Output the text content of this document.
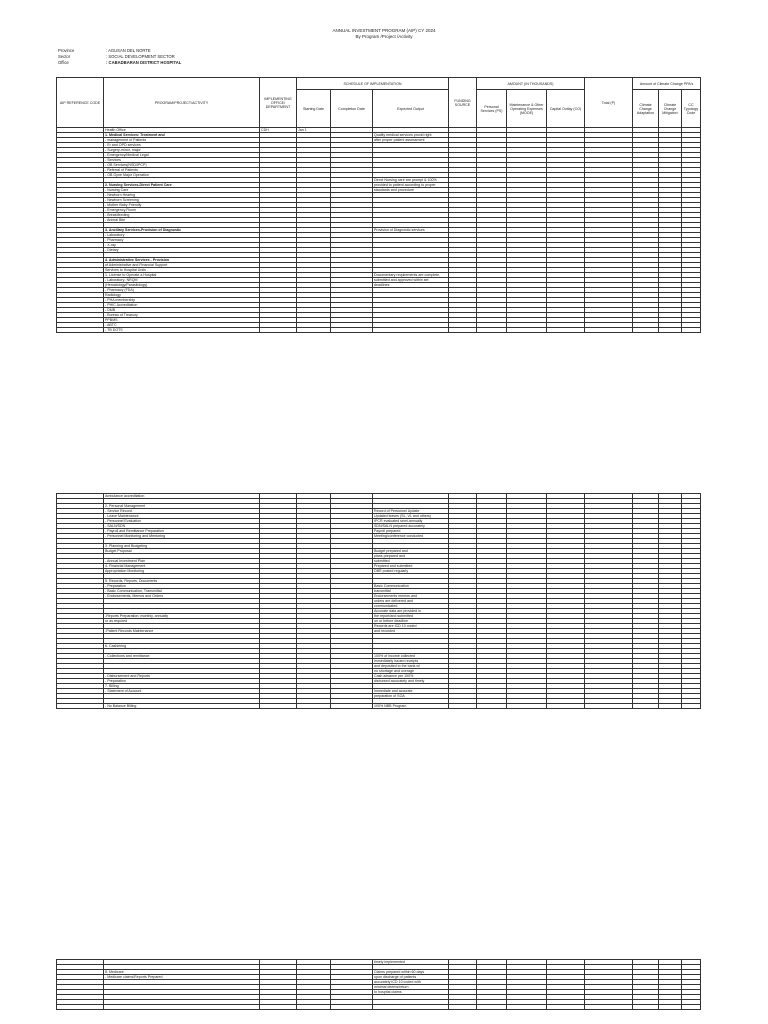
ANNUAL INVESTMENT PROGRAM (AIP) CY 2024
By Program /Project /Activity
Province	: AGUSAN DEL NORTE
Sector	: SOCIAL DEVELOPMENT SECTOR
Office	: CABADBARAN DISTRICT HOSPITAL
AIP REFERENCE CODE	PROGRAM/PROJECT/ACTIVITY	IMPLEMENTING OFFICE/ DEPARTMENT	SCHEDULE OF IMPLEMENTATION			FUNDING SOURCE	AMOUNT (IN THOUSANDS)			Total (P)	Amount of Climate Change PPA's		
			Starting Date	Completion Date	Expected Output		Personal Services (PS)	Maintenance & Other Operating Expenses (MOOE)	Capital Outlay (CO)		Climate Change Adaptation	Climate Change Mitigation	CC Typology Code
	Health Office	CDH	Jan 1										
	1. Medical Services: Treatment and				Quality medical services provid right								
	- management of Patients				after proper patient assessment								
	- Er and OPD services												
	- Surgery-minor, major												
	- Emergency/Medical Legal												
	- Services												
	- OB Services(NSD/IPCP)												
	- Referral of Patients												
	- OB Gyne Major Operation												
					Direct Nursing care are prompt & 100%								
	2. Nursing Services-Direct Patient Care				provided to patient according to proper								
	- Nursing Care				standards and procedure								
	- Newborn Hearing												
	- Newborn Screening												
	- Mother Baby Friendly												
	- Emergency Room												
	- Breastfeeding												
	- Animal Bite												

	3. Ancillary Services-Provision of Diagnostic				Provision of Diagnostic services								
	- Laboratory												
	- Pharmacy												
	- X-ray												
	- Dietary												

	4. Administrative Services - Provision												
	of Administrative and Financial Support												
	Services to Hospital Units												
	1. License to Operate a Hospital				Documentary requirements are complete,								
	- Laboratory- NRQM				submitted and approved within set								
	(Hematology/Parasitology)				deadlines								
	- Pharmacy (FDA)												
	Radiology												
	- PHA membership												
	- PHIC Accreditation												
	- DMB												
	- Bureau of Treasury												
	PPBMS												
	- ABTC												
	- TB DOTS												
	Ambulance accreditation												

	2. Personal Management												
	- Service Record				Record of Personnel Update								
	- Leave Maintenance				Updated leaves (SL, VL and others)								
	- Personnel Evaluation				IPCR evaluated semi-annually								
	- SALN/SDN				SDN/SALN prepared accurately								
	- Payroll and Remittance Preparation				Payroll prepared								
	- Personnel Monitoring and Mentoring				Meeting/conference conducted								

	3. Planning and Budgeting												
	Budget Proposal				Budget prepared and								
					plans prepared and								
	- Annual Investment Plan				submitted								
	4. Financial Management				Prepared and submitted								
	Appropriation Monitoring				DBR posted regularly								

	5. Records, Reports, Documents												
	- Preparation				Basic Communication								
	- Basic Communication, Transmittal				transmittal								
	- Endorsements, Memos and Orders				Endorsements memos and								
					orders are delivered and								
					communicated								
					Accurate data are provided in								
	-Reports Preparation: monthly, annually				the report/and submitted								
	or as required				on or before deadline								
					Records are ICD 10 coded								
	-Patient Records Maintenance				and recorded								

	6. Cashiering												

	- Collections and remittance				100% of income collected								
					immediately issued receipts								
					and deposited to the bank w/								
					no shortage and overage								
	- Disbursement and Reports				Cash advance per 100%								
	- Preparation				disbursed accurately and timely								
	7. Billing												
	- Statement of Account				Immediate and accurate								
					preparation of SOA								

	- No Balance Billing				100% NBB Program								
					timely implemented								

	8. Medicare				Claims prepared within 60 days								
	- Medicare claims/Reports Prepared				upon discharge of patients								
					accurately ICD 10 coded with								
					minimal deems/return								
					to hospital claims								
